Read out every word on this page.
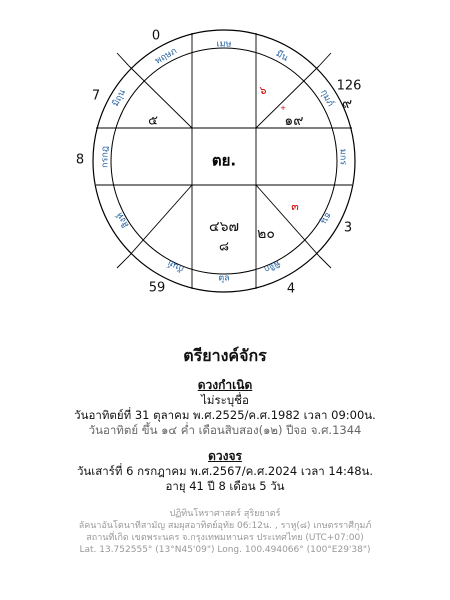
เมษ
พฤษภ
มิถุน
กรกฎ
สิงห์
กันย์
ตุล
พิจิก
ธนู
มกร
กุมภ์
มีน
ตย.
๕
๖
+
๑๙
๓
๔๖๗
๘
๒๐
0
126
๙
7
8
3
59	4
ตรียางค์จักร
ดวงกำเนิด
ไม่ระบุชื่อ
วันอาทิตย์ที่ 31 ตุลาคม พ.ศ.2525/ค.ศ.1982 เวลา 09:00น.
วันอาทิตย์ ขึ้น ๑๔ ค่ำ เดือนสิบสอง(๑๒) ปีจอ จ.ศ.1344
ดวงจร
วันเสาร์ที่ 6 กรกฎาคม พ.ศ.2567/ค.ศ.2024 เวลา 14:48น.
อายุ 41 ปี 8 เดือน 5 วัน
ปฏิทินโหราศาสตร์ สุริยยาตร์
ลัคนาอันโตนาทีสามัญ สมผุสอาทิตย์อุทัย 06:12น. , ราหู(๘) เกษตรราศีกุมภ์
สถานที่เกิด เขตพระนคร จ.กรุงเทพมหานคร ประเทศไทย (UTC+07:00)
Lat. 13.752555° (13°N45'09") Long. 100.494066° (100°E29'38")
